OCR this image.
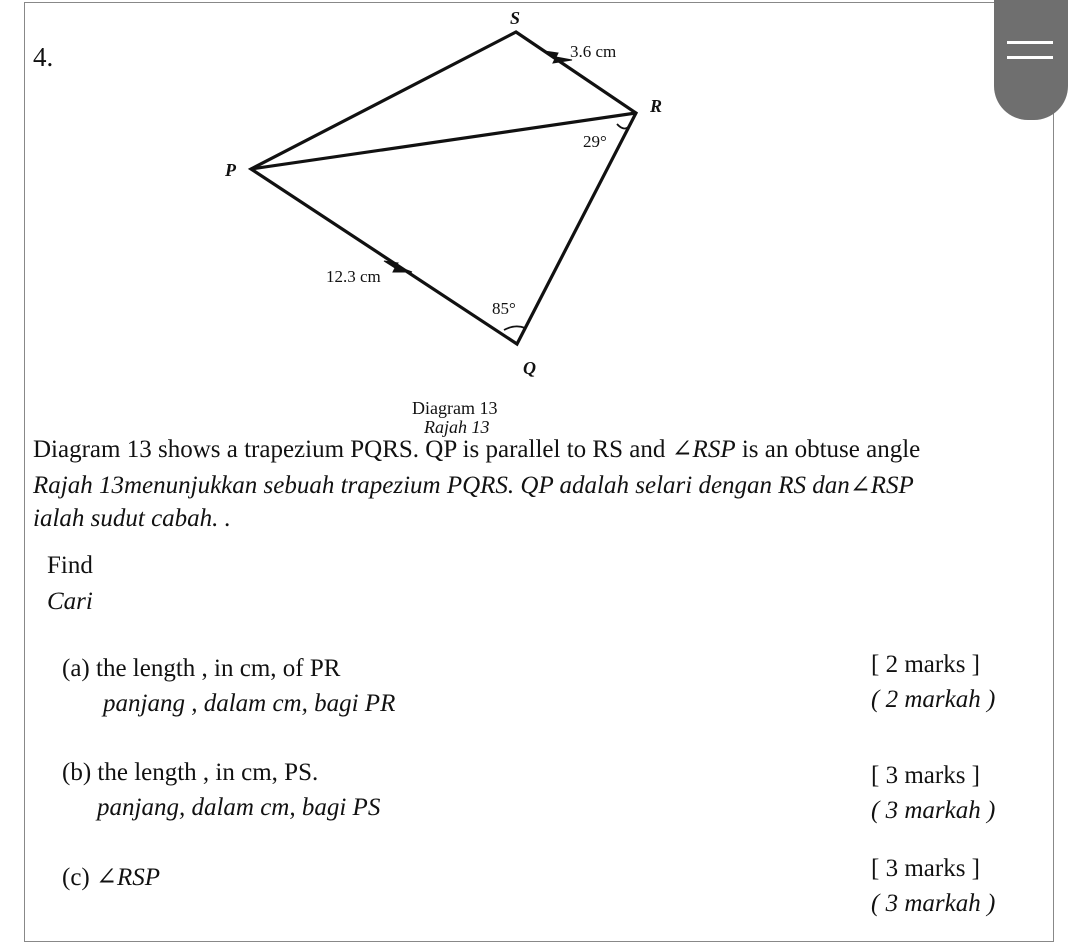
4.
S
R
P
Q
3.6 cm
12.3 cm
29°
85°
Diagram 13
Rajah 13
Diagram 13 shows a trapezium PQRS. QP is parallel to RS and ∠RSP is an obtuse angle
Rajah 13menunjukkan sebuah trapezium PQRS. QP adalah selari dengan RS dan∠RSP
ialah sudut cabah. .
Find
Cari
(a) the length , in cm, of PR
panjang , dalam cm, bagi PR
[ 2 marks ]
( 2 markah )
(b) the length , in cm, PS.
panjang, dalam cm, bagi PS
[ 3 marks ]
( 3 markah )
(c) ∠RSP	[ 3 marks ]
( 3 markah )
